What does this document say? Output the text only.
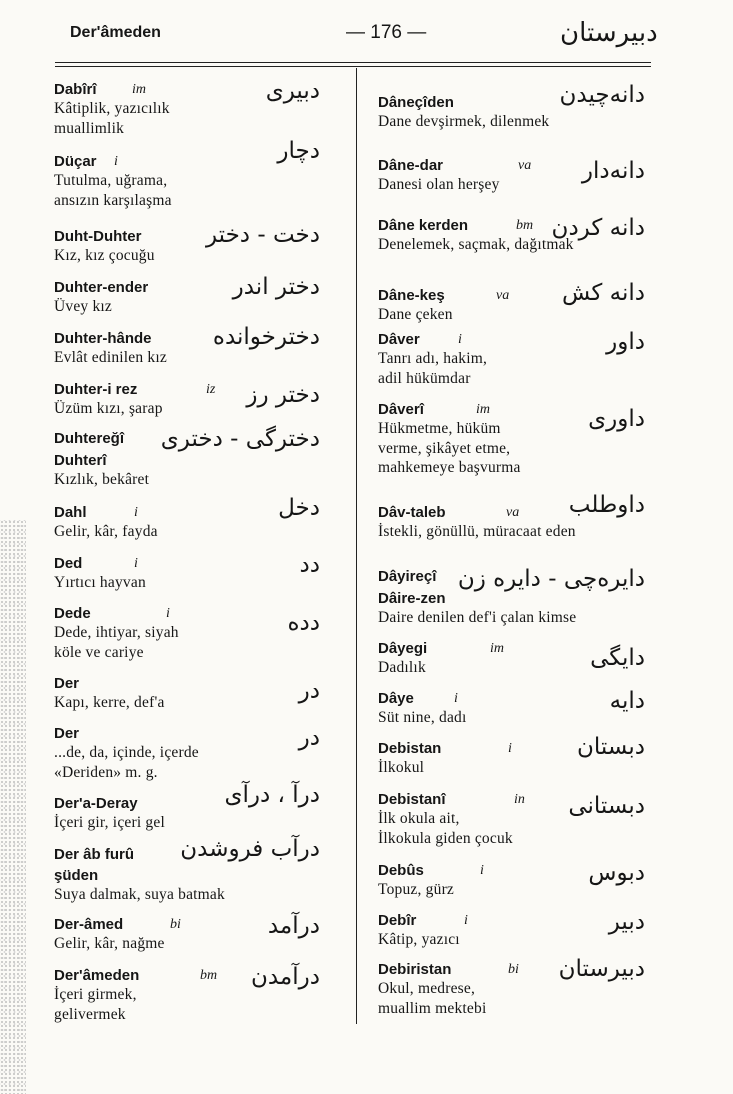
Der'âmeden	— 176 —	دبيرستان
Dabîrî	im
Kâtiplik, yazıcılık
muallimlik
دبيرى
Düçar i
Tutulma, uğrama,
ansızın karşılaşma
دچار
Duht-Duhter
Kız, kız çocuğu
دخت - دختر
Duhter-ender
Üvey kız
دختر اندر
Duhter-hânde
Evlât edinilen kız
دخترخوانده
Duhter-i rez	iz
Üzüm kızı, şarap
دختر رز
Duhtereğî دخترگى - دخترى
Duhterî
Kızlık, bekâret
Dahl	i
Gelir, kâr, fayda
دخل
Ded	i
Yırtıcı hayvan
دد
Dede	i
Dede, ihtiyar, siyah
köle ve cariye
دده
Der
Kapı, kerre, def'a	در
Der
...de, da, içinde, içerde
«Deriden» m. g.
در
Der'a-Deray
İçeri gir, içeri gel
درآ ، درآى
Der âb furû درآب فروشدن
şüden
Suya dalmak, suya batmak
Der-âmed	bi
Gelir, kâr, nağme
درآمد
Der'âmeden	bm
İçeri girmek,
gelivermek
درآمدن
Dâneçîden
Dane devşirmek, dilenmek
دانه‌چيدن
Dâne-dar	va
Danesi olan herşey
دانه‌دار
Dâne kerden	bm
Denelemek, saçmak, dağıtmak
دانه كردن
Dâne-keş	va
Dane çeken
دانه كش
Dâver	i
Tanrı adı, hakim,
adil hükümdar
داور
Dâverî	im
Hükmetme, hüküm
verme, şikâyet etme,
mahkemeye başvurma
داورى
Dâv-taleb	va
İstekli, gönüllü, müracaat eden
داوطلب
Dâyireçî دايره‌چى - دايره زن
Dâire-zen
Daire denilen def'i çalan kimse
Dâyegi	im
Dadılık	دايگى
Dâye	i
Süt nine, dadı
دايه
Debistan	i
İlkokul
دبستان
Debistanî	in
İlk okula ait,
İlkokula giden çocuk
دبستانى
Debûs	i
Topuz, gürz
دبوس
Debîr	i
Kâtip, yazıcı
دبير
Debiristan	bi
Okul, medrese,
muallim mektebi
دبيرستان
